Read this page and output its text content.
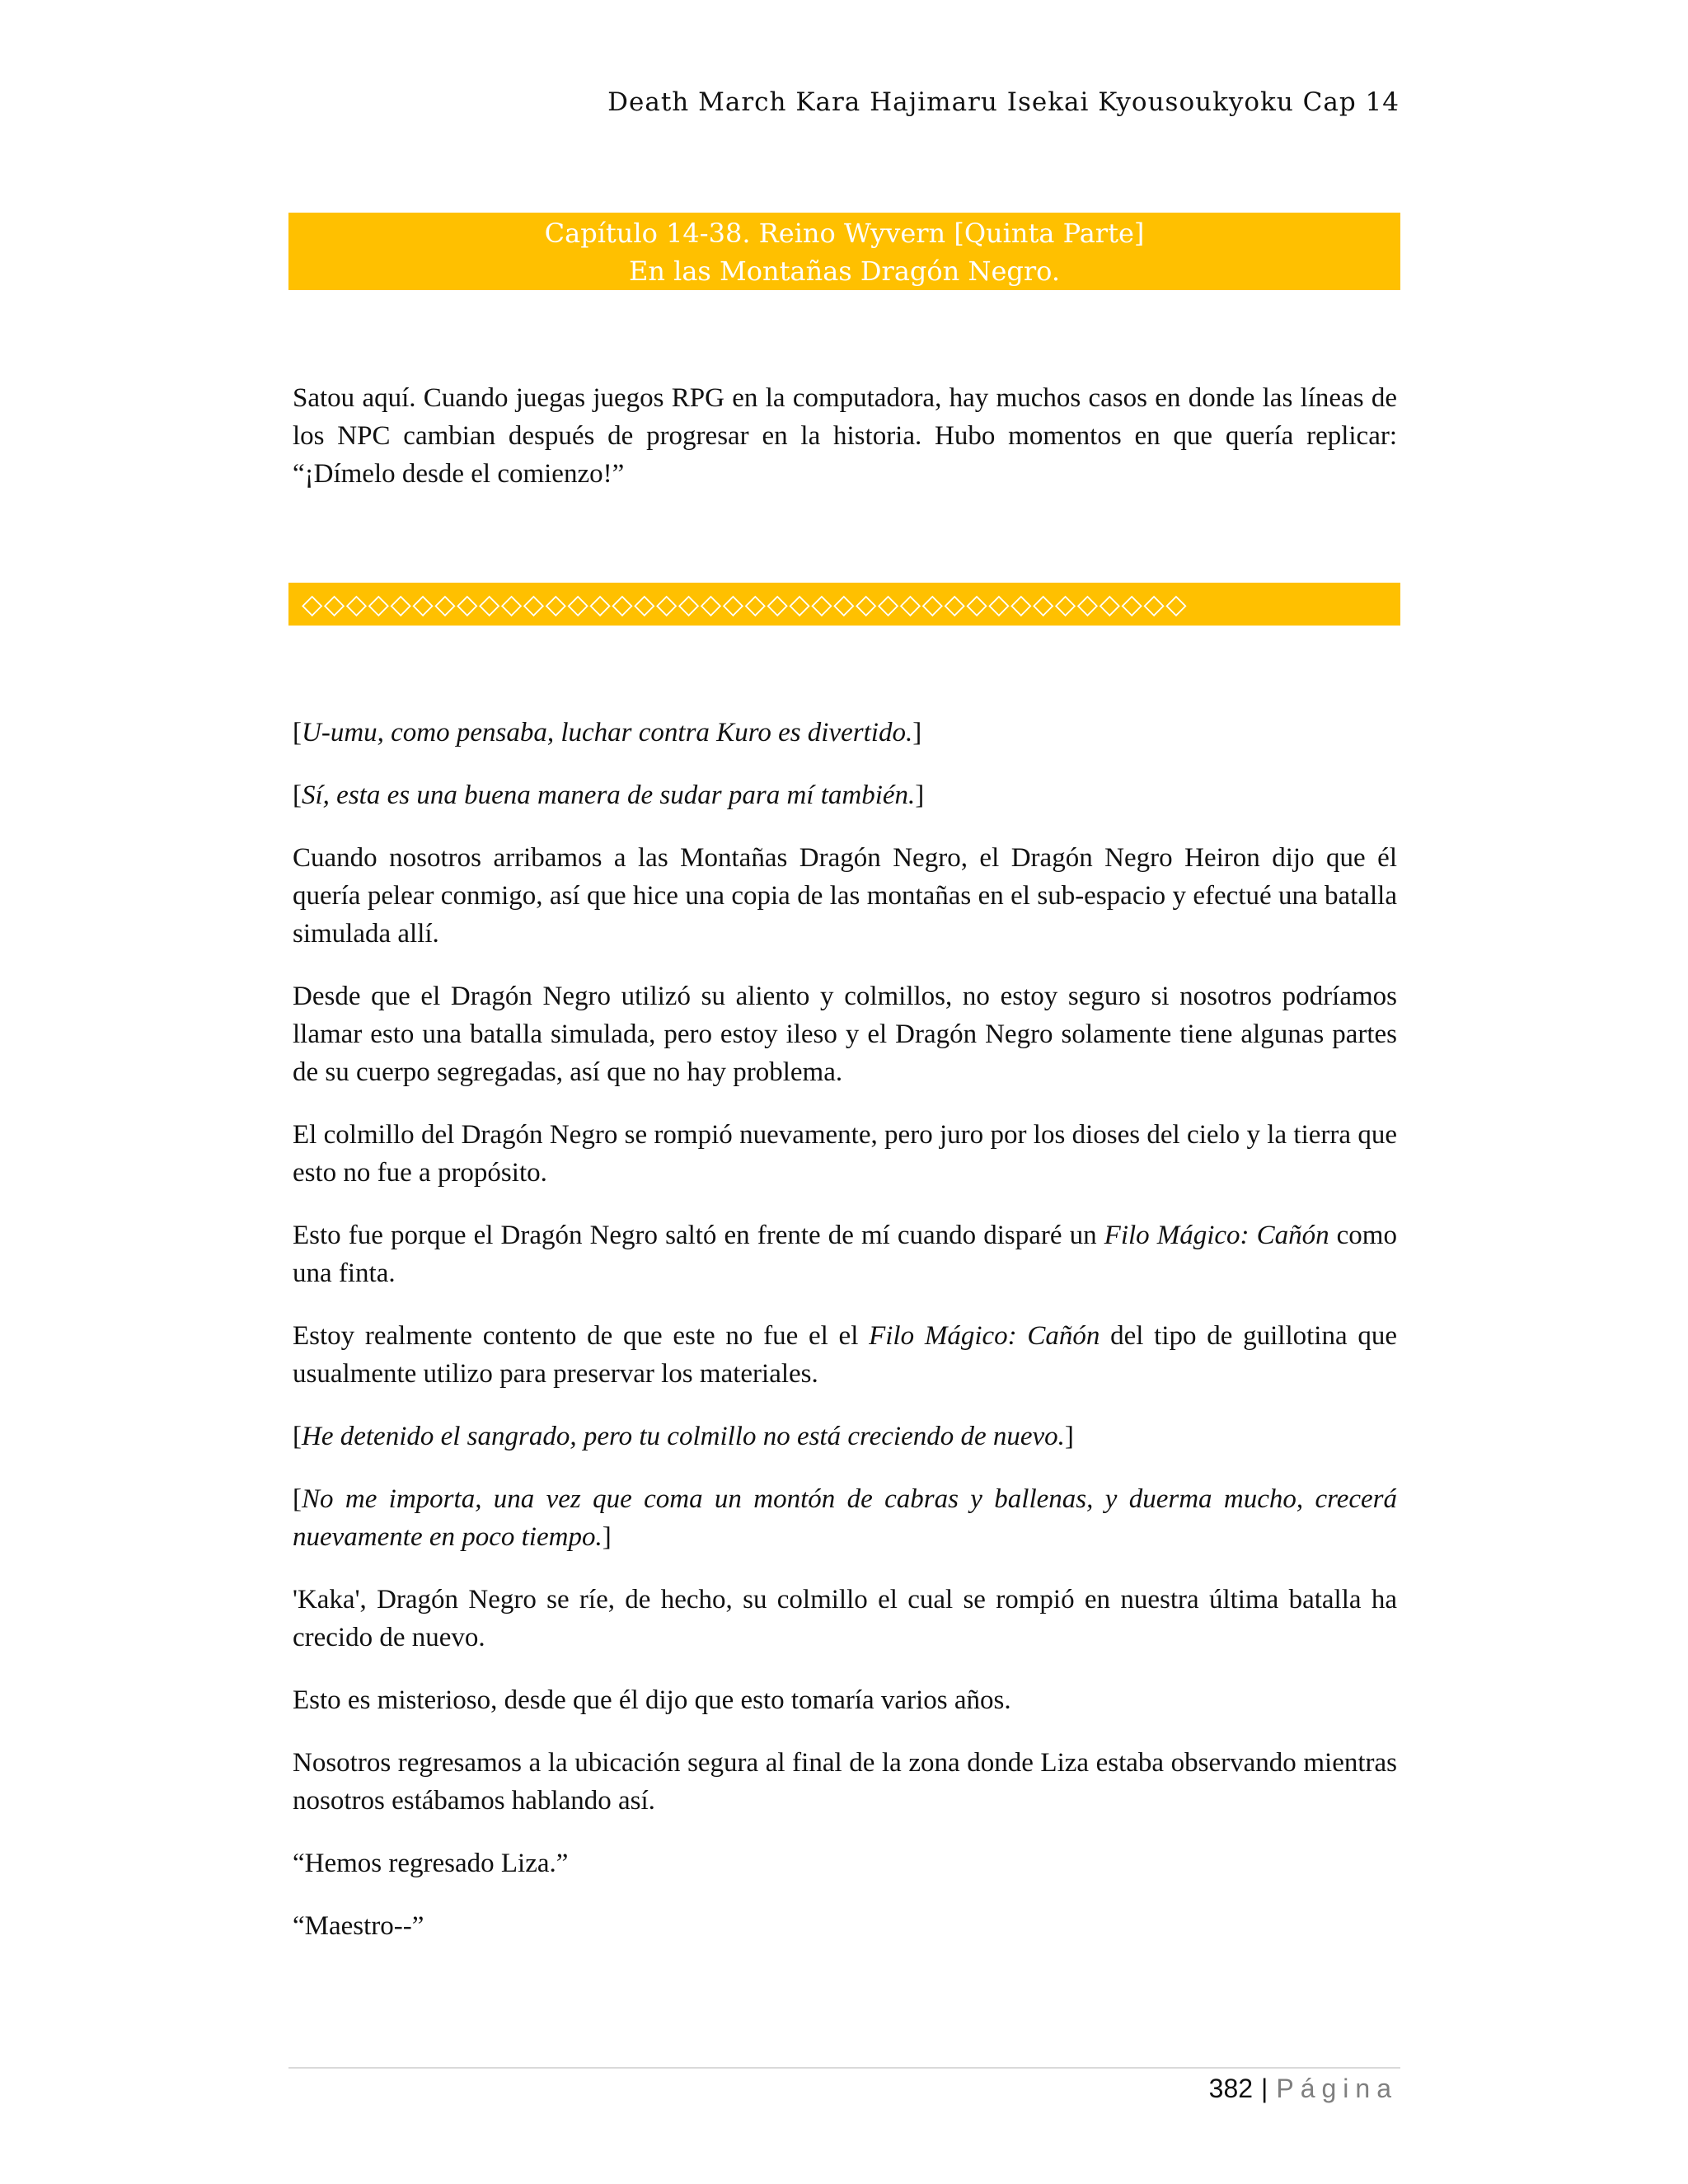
Death March Kara Hajimaru Isekai Kyousoukyoku Cap 14
Capítulo 14-38. Reino Wyvern [Quinta Parte]
En las Montañas Dragón Negro.

Satou aquí. Cuando juegas juegos RPG en la computadora, hay muchos casos en donde las líneas de los NPC cambian después de progresar en la historia. Hubo momentos en que quería replicar: “¡Dímelo desde el comienzo!”

◇◇◇◇◇◇◇◇◇◇◇◇◇◇◇◇◇◇◇◇◇◇◇◇◇◇◇◇◇◇◇◇◇◇◇◇◇◇◇◇

[U-umu, como pensaba, luchar contra Kuro es divertido.]

[Sí, esta es una buena manera de sudar para mí también.]

Cuando nosotros arribamos a las Montañas Dragón Negro, el Dragón Negro Heiron dijo que él quería pelear conmigo, así que hice una copia de las montañas en el sub-espacio y efectué una batalla simulada allí.

Desde que el Dragón Negro utilizó su aliento y colmillos, no estoy seguro si nosotros podríamos llamar esto una batalla simulada, pero estoy ileso y el Dragón Negro solamente tiene algunas partes de su cuerpo segregadas, así que no hay problema.

El colmillo del Dragón Negro se rompió nuevamente, pero juro por los dioses del cielo y la tierra que esto no fue a propósito.

Esto fue porque el Dragón Negro saltó en frente de mí cuando disparé un Filo Mágico: Cañón como una finta.

Estoy realmente contento de que este no fue el el Filo Mágico: Cañón del tipo de guillotina que usualmente utilizo para preservar los materiales.

[He detenido el sangrado, pero tu colmillo no está creciendo de nuevo.]

[No me importa, una vez que coma un montón de cabras y ballenas, y duerma mucho, crecerá nuevamente en poco tiempo.]

'Kaka', Dragón Negro se ríe, de hecho, su colmillo el cual se rompió en nuestra última batalla ha crecido de nuevo.

Esto es misterioso, desde que él dijo que esto tomaría varios años.

Nosotros regresamos a la ubicación segura al final de la zona donde Liza estaba observando mientras nosotros estábamos hablando así.

“Hemos regresado Liza.”

“Maestro--”

382 | Página
